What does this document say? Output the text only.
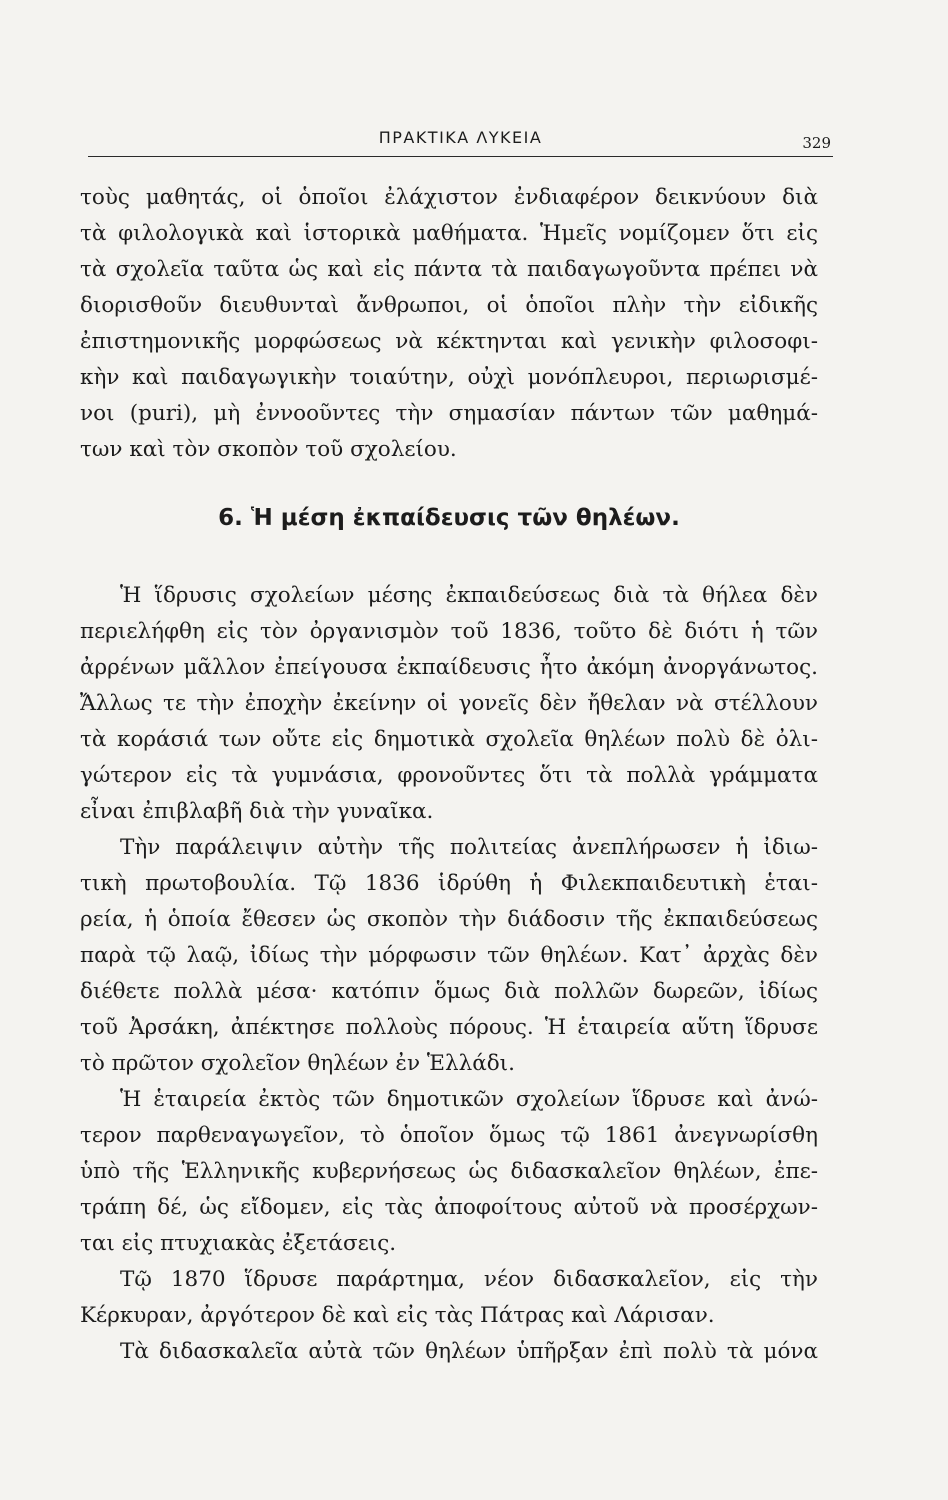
ΠΡΑΚΤΙΚΑ ΛΥΚΕΙΑ	329
τοὺς μαθητάς, οἱ ὁποῖοι ἐλάχιστον ἐνδιαφέρον δεικνύουν διὰ
τὰ φιλολογικὰ καὶ ἱστορικὰ μαθήματα. Ἡμεῖς νομίζομεν ὅτι εἰς
τὰ σχολεῖα ταῦτα ὡς καὶ εἰς πάντα τὰ παιδαγωγοῦντα πρέπει νὰ
διορισθοῦν διευθυνταὶ ἄνθρωποι, οἱ ὁποῖοι πλὴν τὴν εἰδικῆς
ἐπιστημονικῆς μορφώσεως νὰ κέκτηνται καὶ γενικὴν φιλοσοφι-
κὴν καὶ παιδαγωγικὴν τοιαύτην, οὐχὶ μονόπλευροι, περιωρισμέ-
νοι (puri), μὴ ἐννοοῦντες τὴν σημασίαν πάντων τῶν μαθημά-
των καὶ τὸν σκοπὸν τοῦ σχολείου.
6. Ἡ μέση ἐκπαίδευσις τῶν θηλέων.
Ἡ ἵδρυσις σχολείων μέσης ἐκπαιδεύσεως διὰ τὰ θήλεα δὲν
περιελήφθη εἰς τὸν ὀργανισμὸν τοῦ 1836, τοῦτο δὲ διότι ἡ τῶν
ἀρρένων μᾶλλον ἐπείγουσα ἐκπαίδευσις ἦτο ἀκόμη ἀνοργάνωτος.
Ἄλλως τε τὴν ἐποχὴν ἐκείνην οἱ γονεῖς δὲν ἤθελαν νὰ στέλλουν
τὰ κοράσιά των οὔτε εἰς δημοτικὰ σχολεῖα θηλέων πολὺ δὲ ὀλι-
γώτερον εἰς τὰ γυμνάσια, φρονοῦντες ὅτι τὰ πολλὰ γράμματα
εἶναι ἐπιβλαβῆ διὰ τὴν γυναῖκα.
Τὴν παράλειψιν αὐτὴν τῆς πολιτείας ἀνεπλήρωσεν ἡ ἰδιω-
τικὴ πρωτοβουλία. Τῷ 1836 ἱδρύθη ἡ Φιλεκπαιδευτικὴ ἑται-
ρεία, ἡ ὁποία ἔθεσεν ὡς σκοπὸν τὴν διάδοσιν τῆς ἐκπαιδεύσεως
παρὰ τῷ λαῷ, ἰδίως τὴν μόρφωσιν τῶν θηλέων. Κατ᾽ ἀρχὰς δὲν
διέθετε πολλὰ μέσα· κατόπιν ὅμως διὰ πολλῶν δωρεῶν, ἰδίως
τοῦ Ἀρσάκη, ἀπέκτησε πολλοὺς πόρους. Ἡ ἑταιρεία αὕτη ἵδρυσε
τὸ πρῶτον σχολεῖον θηλέων ἐν Ἑλλάδι.
Ἡ ἑταιρεία ἐκτὸς τῶν δημοτικῶν σχολείων ἵδρυσε καὶ ἀνώ-
τερον παρθεναγωγεῖον, τὸ ὁποῖον ὅμως τῷ 1861 ἀνεγνωρίσθη
ὑπὸ τῆς Ἑλληνικῆς κυβερνήσεως ὡς διδασκαλεῖον θηλέων, ἐπε-
τράπη δέ, ὡς εἴδομεν, εἰς τὰς ἀποφοίτους αὐτοῦ νὰ προσέρχων-
ται εἰς πτυχιακὰς ἐξετάσεις.
Τῷ 1870 ἵδρυσε παράρτημα, νέον διδασκαλεῖον, εἰς τὴν
Κέρκυραν, ἀργότερον δὲ καὶ εἰς τὰς Πάτρας καὶ Λάρισαν.
Τὰ διδασκαλεῖα αὐτὰ τῶν θηλέων ὑπῆρξαν ἐπὶ πολὺ τὰ μόνα
